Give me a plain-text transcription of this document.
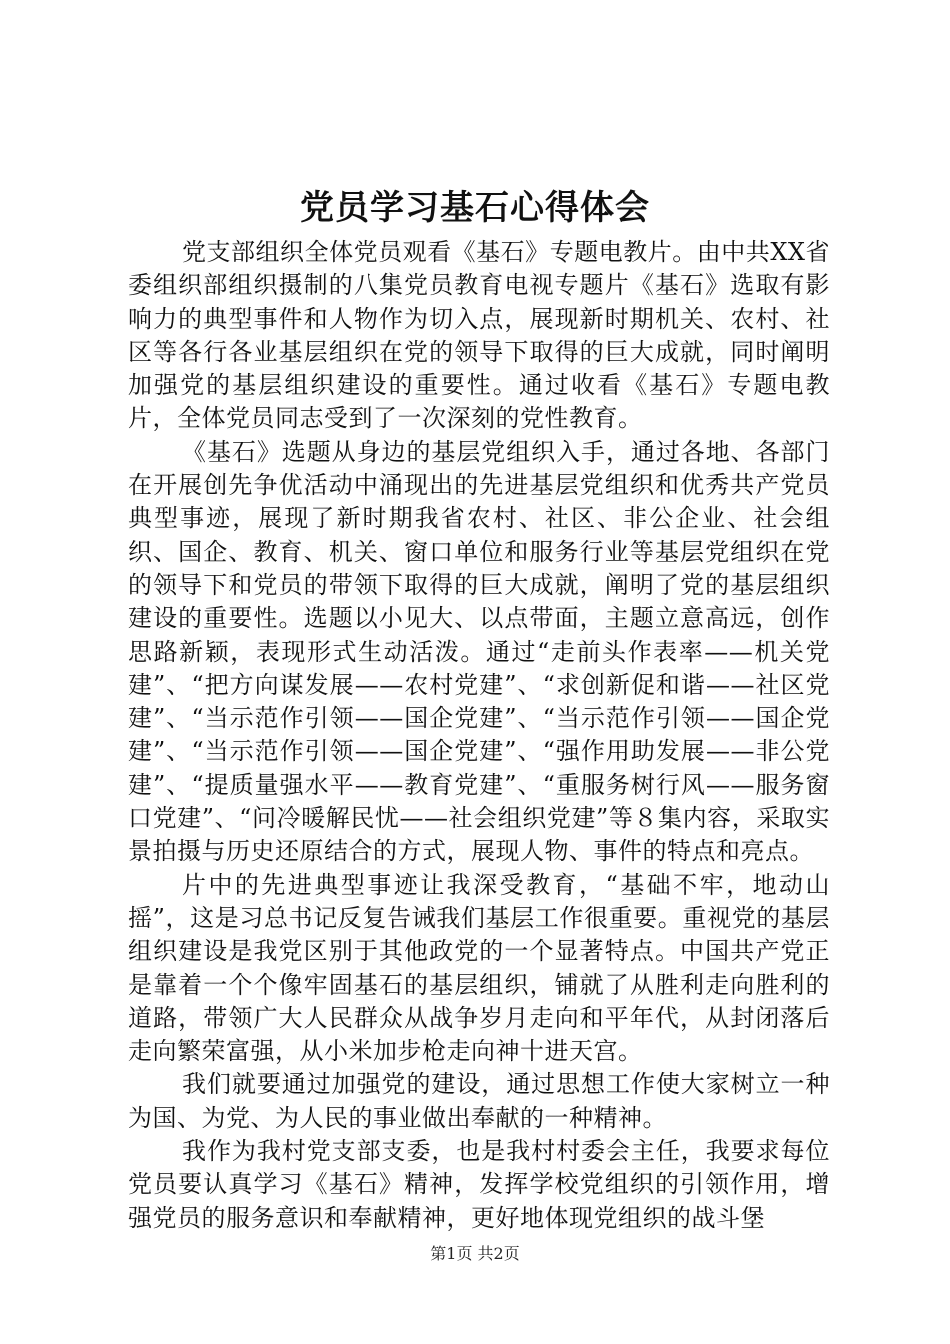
党员学习基石心得体会

党支部组织全体党员观看《基石》专题电教片。由中共XX省委组织部组织摄制的八集党员教育电视专题片《基石》选取有影响力的典型事件和人物作为切入点，展现新时期机关、农村、社区等各行各业基层组织在党的领导下取得的巨大成就，同时阐明加强党的基层组织建设的重要性。通过收看《基石》专题电教片，全体党员同志受到了一次深刻的党性教育。

《基石》选题从身边的基层党组织入手，通过各地、各部门在开展创先争优活动中涌现出的先进基层党组织和优秀共产党员典型事迹，展现了新时期我省农村、社区、非公企业、社会组织、国企、教育、机关、窗口单位和服务行业等基层党组织在党的领导下和党员的带领下取得的巨大成就，阐明了党的基层组织建设的重要性。选题以小见大、以点带面，主题立意高远，创作思路新颖，表现形式生动活泼。通过“走前头作表率——机关党建”、“把方向谋发展——农村党建”、“求创新促和谐——社区党建”、“当示范作引领——国企党建”、“当示范作引领——国企党建”、“当示范作引领——国企党建”、“强作用助发展——非公党建”、“提质量强水平——教育党建”、“重服务树行风——服务窗口党建”、“问冷暖解民忧——社会组织党建”等８集内容，采取实景拍摄与历史还原结合的方式，展现人物、事件的特点和亮点。

片中的先进典型事迹让我深受教育，“基础不牢，地动山摇”，这是习总书记反复告诫我们基层工作很重要。重视党的基层组织建设是我党区别于其他政党的一个显著特点。中国共产党正是靠着一个个像牢固基石的基层组织，铺就了从胜利走向胜利的道路，带领广大人民群众从战争岁月走向和平年代，从封闭落后走向繁荣富强，从小米加步枪走向神十进天宫。

我们就要通过加强党的建设，通过思想工作使大家树立一种为国、为党、为人民的事业做出奉献的一种精神。

我作为我村党支部支委，也是我村村委会主任，我要求每位党员要认真学习《基石》精神，发挥学校党组织的引领作用，增强党员的服务意识和奉献精神，更好地体现党组织的战斗堡

第1页 共2页
